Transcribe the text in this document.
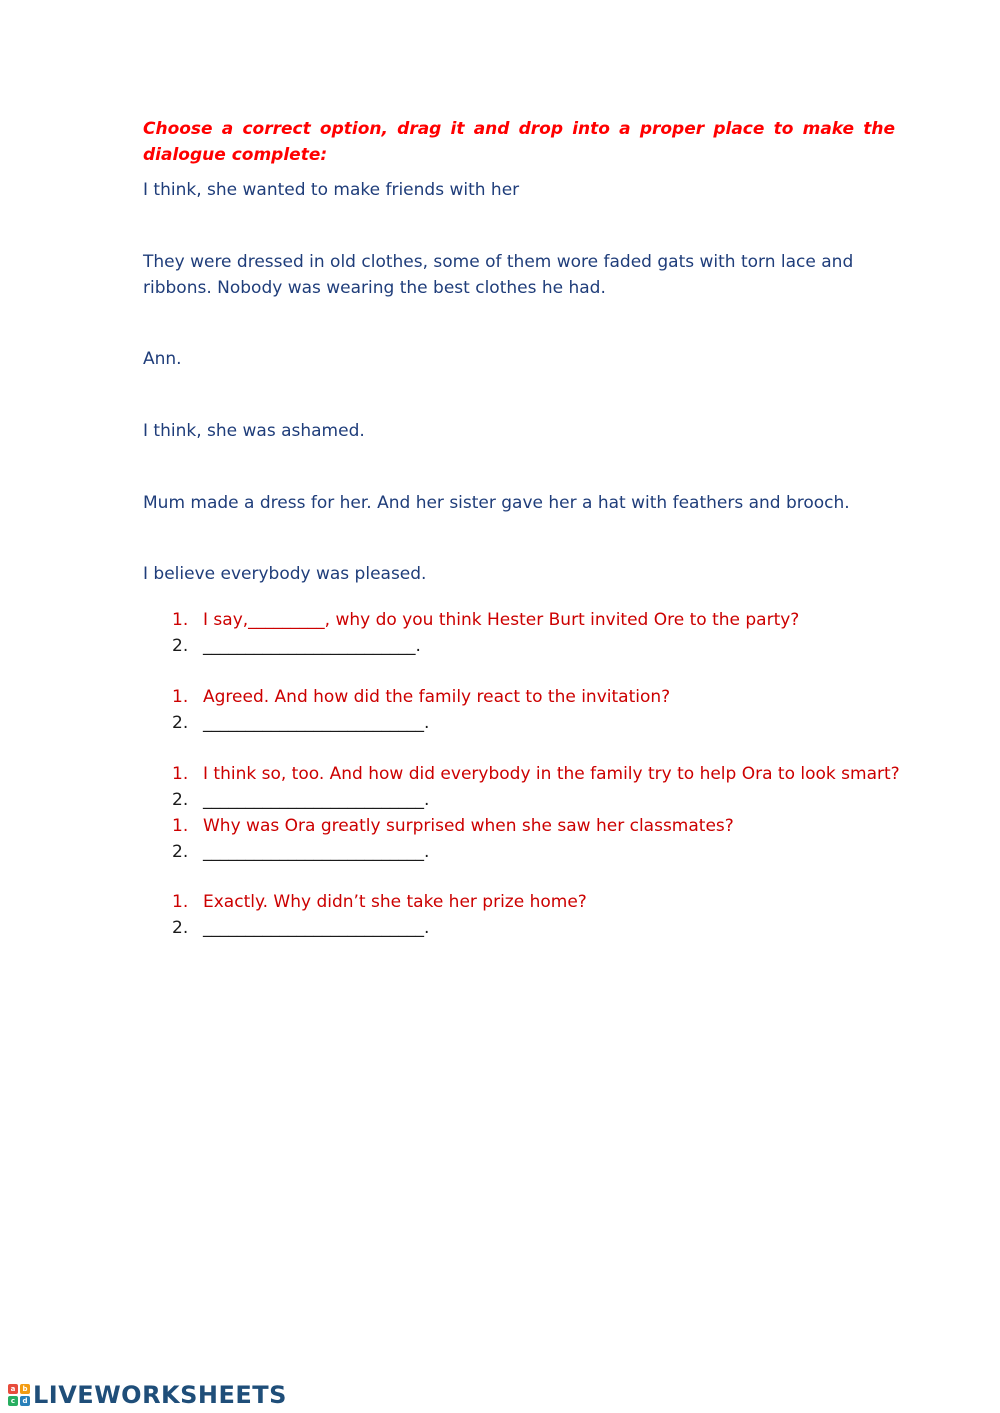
Choose a correct option, drag it and drop into a proper place to make the dialogue complete:

I think, she wanted to make friends with her

They were dressed in old clothes, some of them wore faded gats with torn lace and ribbons. Nobody was wearing the best clothes he had.

Ann.

I think, she was ashamed.

Mum made a dress for her. And her sister gave her a hat with feathers and brooch.

I believe everybody was pleased.

1. I say,_________, why do you think Hester Burt invited Ore to the party?

2. _________________________.

1. Agreed. And how did the family react to the invitation?

2. __________________________.

1. I think so, too. And how did everybody in the family try to help Ora to look smart?

2. __________________________.

1. Why was Ora greatly surprised when she saw her classmates?

2. __________________________.

1. Exactly. Why didn’t she take her prize home?

2. __________________________.

a	b
c	d LIVEWORKSHEETS
